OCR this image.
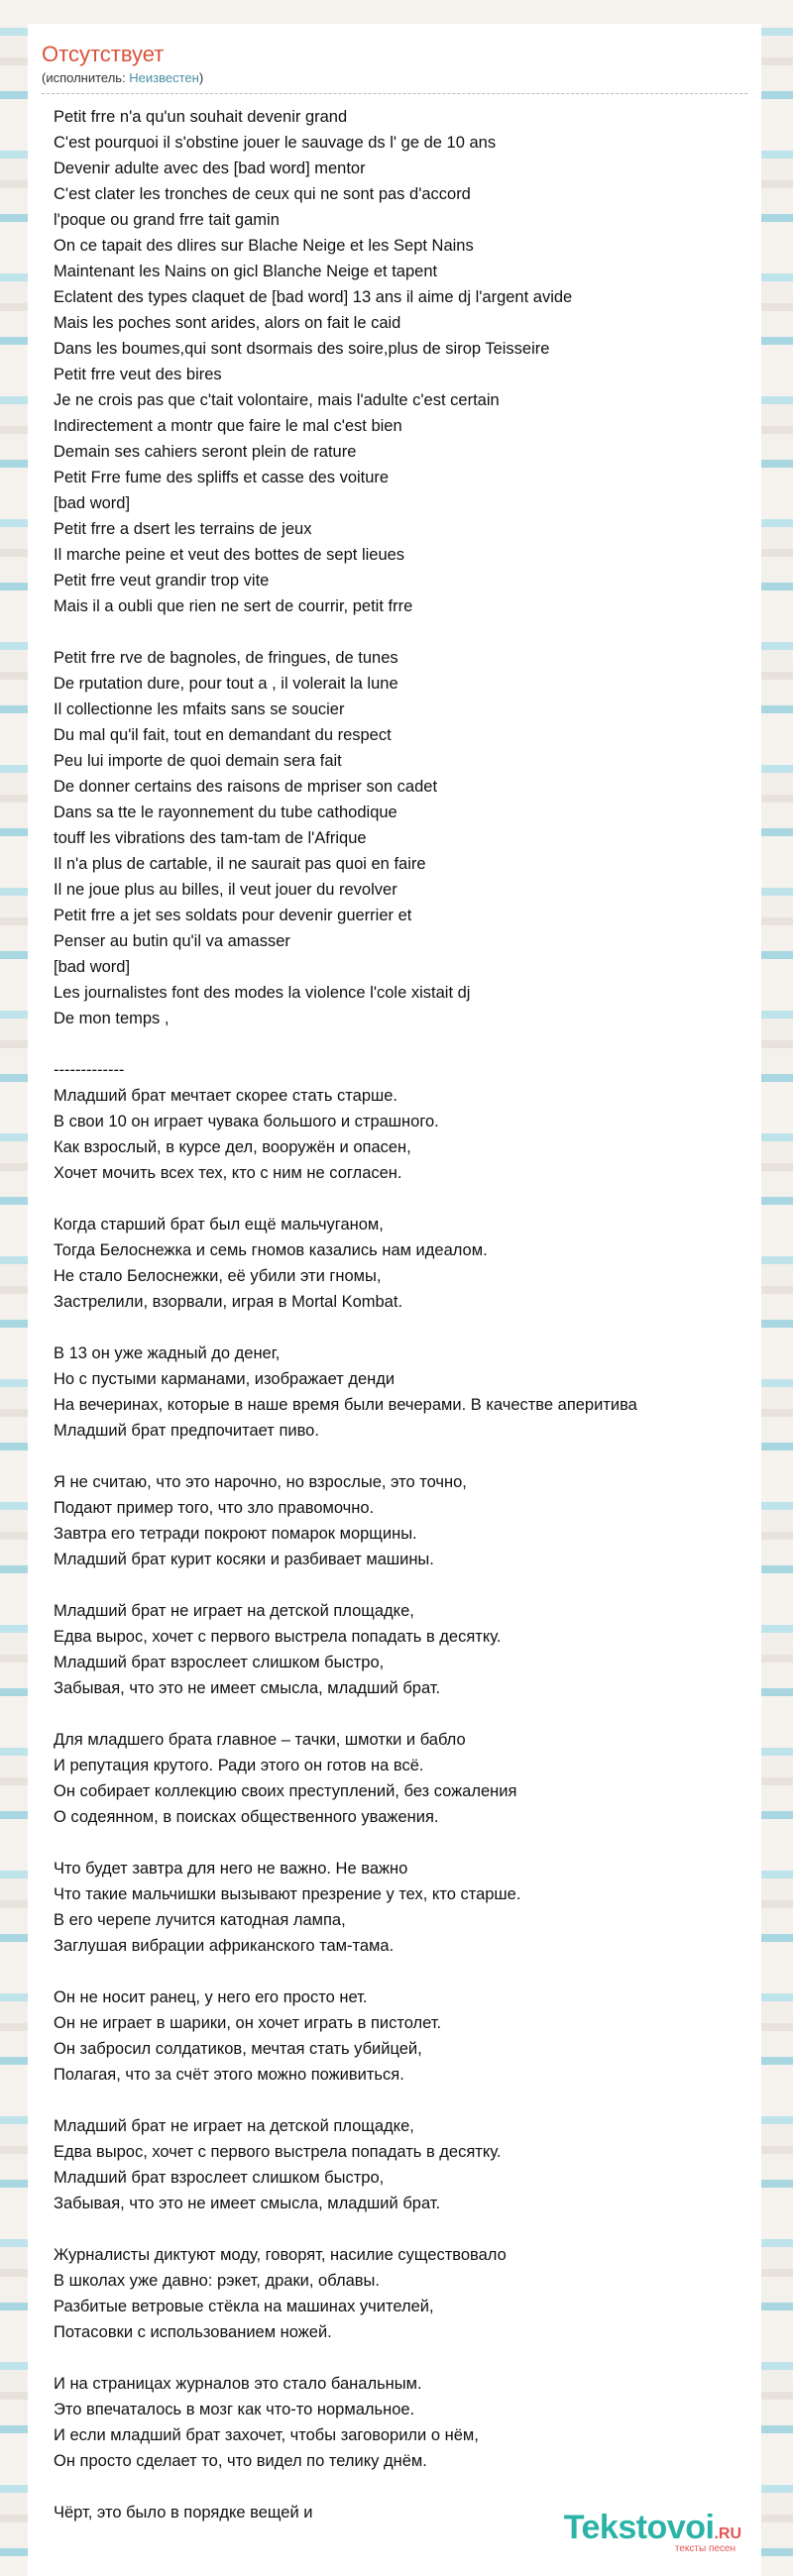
Отсутствует
(исполнитель: Неизвестен)
Petit frre n'a qu'un souhait devenir grand
C'est pourquoi il s'obstine jouer le sauvage ds l' ge de 10 ans
Devenir adulte avec des [bad word] mentor
C'est clater les tronches de ceux qui ne sont pas d'accord
l'poque ou grand frre tait gamin
On ce tapait des dlires sur Blache Neige et les Sept Nains
Maintenant les Nains on gicl Blanche Neige et tapent
Eclatent des types claquet de [bad word] 13 ans il aime dj l'argent avide
Mais les poches sont arides, alors on fait le caid
Dans les boumes,qui sont dsormais des soire,plus de sirop Teisseire
Petit frre veut des bires
Je ne crois pas que c'tait volontaire, mais l'adulte c'est certain
Indirectement a montr que faire le mal c'est bien
Demain ses cahiers seront plein de rature
Petit Frre fume des spliffs et casse des voiture
[bad word]
Petit frre a dsert les terrains de jeux
Il marche peine et veut des bottes de sept lieues
Petit frre veut grandir trop vite
Mais il a oubli que rien ne sert de courrir, petit frre
Petit frre rve de bagnoles, de fringues, de tunes
De rputation dure, pour tout a , il volerait la lune
Il collectionne les mfaits sans se soucier
Du mal qu'il fait, tout en demandant du respect
Peu lui importe de quoi demain sera fait
De donner certains des raisons de mpriser son cadet
Dans sa tte le rayonnement du tube cathodique
touff les vibrations des tam-tam de l'Afrique
Il n'a plus de cartable, il ne saurait pas quoi en faire
Il ne joue plus au billes, il veut jouer du revolver
Petit frre a jet ses soldats pour devenir guerrier et
Penser au butin qu'il va amasser
[bad word]
Les journalistes font des modes la violence l'cole xistait dj
De mon temps ,
-------------
Младший брат мечтает скорее стать старше.
В свои 10 он играет чувака большого и страшного.
Как взрослый, в курсе дел, вооружён и опасен,
Хочет мочить всех тех, кто с ним не согласен.
Когда старший брат был ещё мальчуганом,
Тогда Белоснежка и семь гномов казались нам идеалом.
Не стало Белоснежки, её убили эти гномы,
Застрелили, взорвали, играя в Mortal Kombat.
В 13 он уже жадный до денег,
Но с пустыми карманами, изображает денди
На вечеринах, которые в наше время были вечерами. В качестве аперитива
Младший брат предпочитает пиво.
Я не считаю, что это нарочно, но взрослые, это точно,
Подают пример того, что зло правомочно.
Завтра его тетради покроют помарок морщины.
Младший брат курит косяки и разбивает машины.
Младший брат не играет на детской площадке,
Едва вырос, хочет с первого выстрела попадать в десятку.
Младший брат взрослеет слишком быстро,
Забывая, что это не имеет смысла, младший брат.
Для младшего брата главное – тачки, шмотки и бабло
И репутация крутого. Ради этого он готов на всё.
Он собирает коллекцию своих преступлений, без сожаления
О содеянном, в поисках общественного уважения.
Что будет завтра для него не важно. Не важно
Что такие мальчишки вызывают презрение у тех, кто старше.
В его черепе лучится катодная лампа,
Заглушая вибрации африканского там-тама.
Он не носит ранец, у него его просто нет.
Он не играет в шарики, он хочет играть в пистолет.
Он забросил солдатиков, мечтая стать убийцей,
Полагая, что за счёт этого можно поживиться.
Младший брат не играет на детской площадке,
Едва вырос, хочет с первого выстрела попадать в десятку.
Младший брат взрослеет слишком быстро,
Забывая, что это не имеет смысла, младший брат.
Журналисты диктуют моду, говорят, насилие существовало
В школах уже давно: рэкет, драки, облавы.
Разбитые ветровые стёкла на машинах учителей,
Потасовки с использованием ножей.
И на страницах журналов это стало банальным.
Это впечаталось в мозг как что-то нормальное.
И если младший брат захочет, чтобы заговорили о нём,
Он просто сделает то, что видел по телику днём.
Чёрт, это было в порядке вещей и	Tekstovoi.RU
тексты песен
